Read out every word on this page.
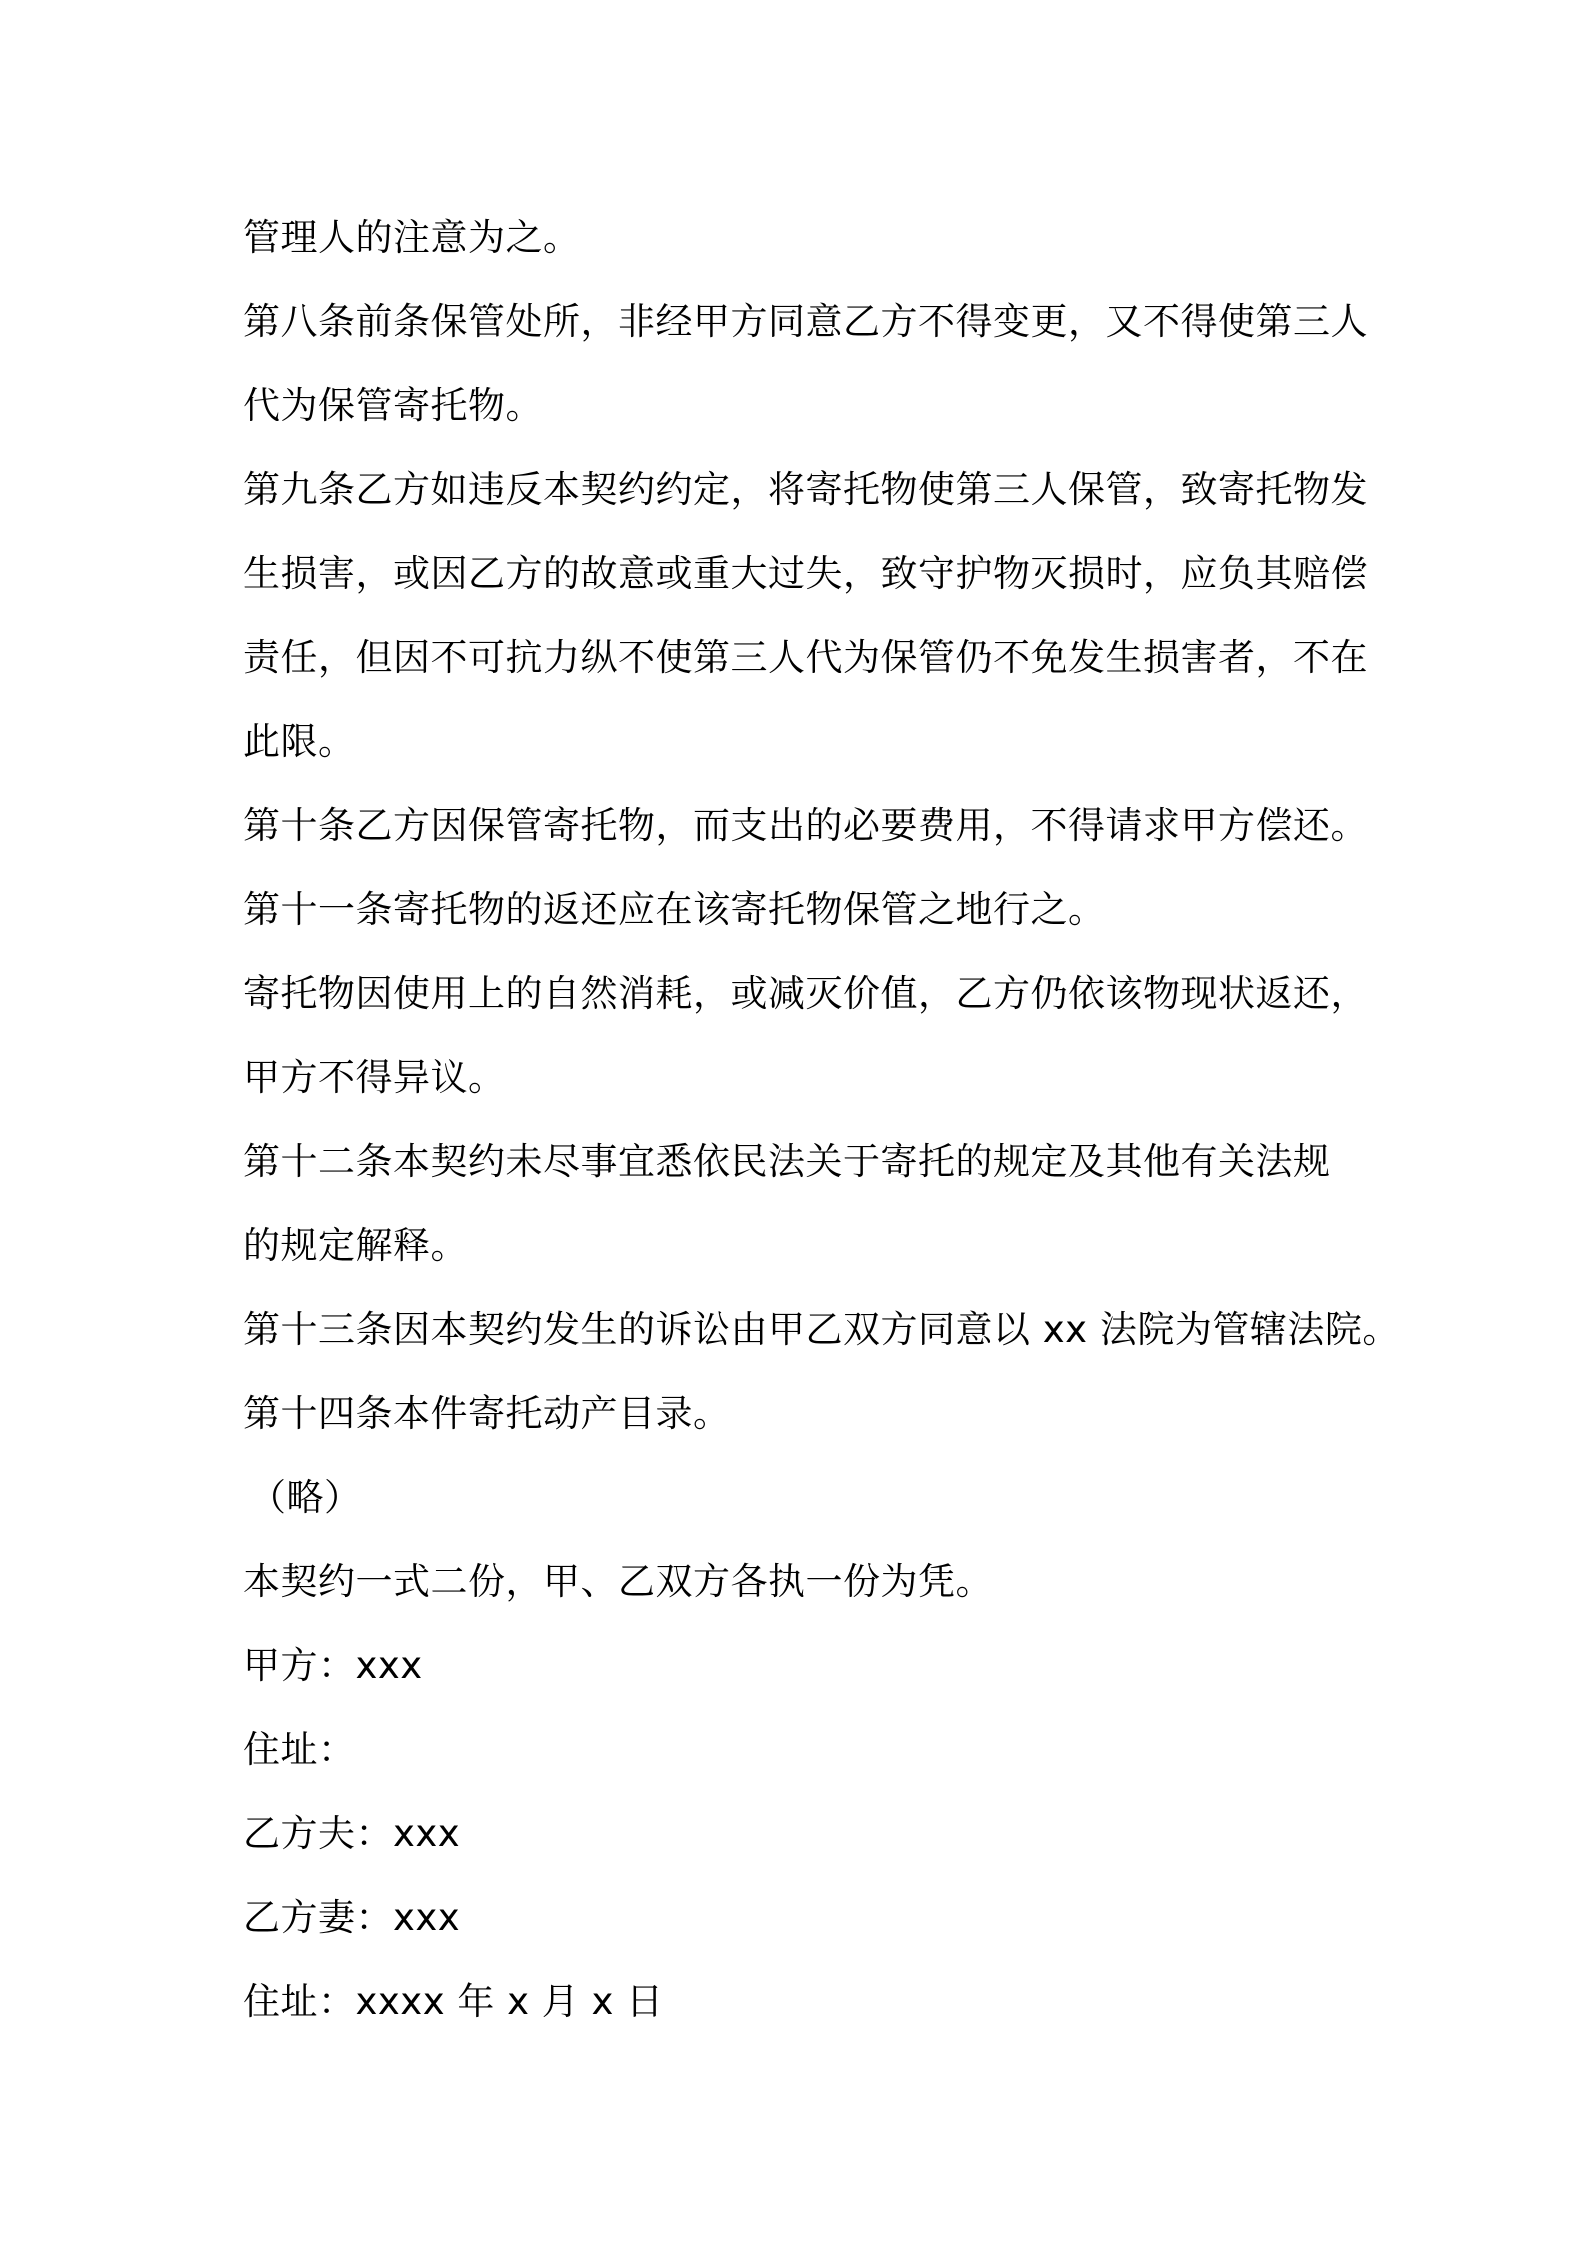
管理人的注意为之。
第八条前条保管处所，非经甲方同意乙方不得变更，又不得使第三人
代为保管寄托物。
第九条乙方如违反本契约约定，将寄托物使第三人保管，致寄托物发
生损害，或因乙方的故意或重大过失，致守护物灭损时，应负其赔偿
责任，但因不可抗力纵不使第三人代为保管仍不免发生损害者，不在
此限。
第十条乙方因保管寄托物，而支出的必要费用，不得请求甲方偿还。
第十一条寄托物的返还应在该寄托物保管之地行之。
寄托物因使用上的自然消耗，或减灭价值，乙方仍依该物现状返还，
甲方不得异议。
第十二条本契约未尽事宜悉依民法关于寄托的规定及其他有关法规
的规定解释。
第十三条因本契约发生的诉讼由甲乙双方同意以 xx 法院为管辖法院。
第十四条本件寄托动产目录。
（略）
本契约一式二份，甲、乙双方各执一份为凭。
甲方：xxx
住址：
乙方夫：xxx
乙方妻：xxx
住址：xxxx 年 x 月 x 日
